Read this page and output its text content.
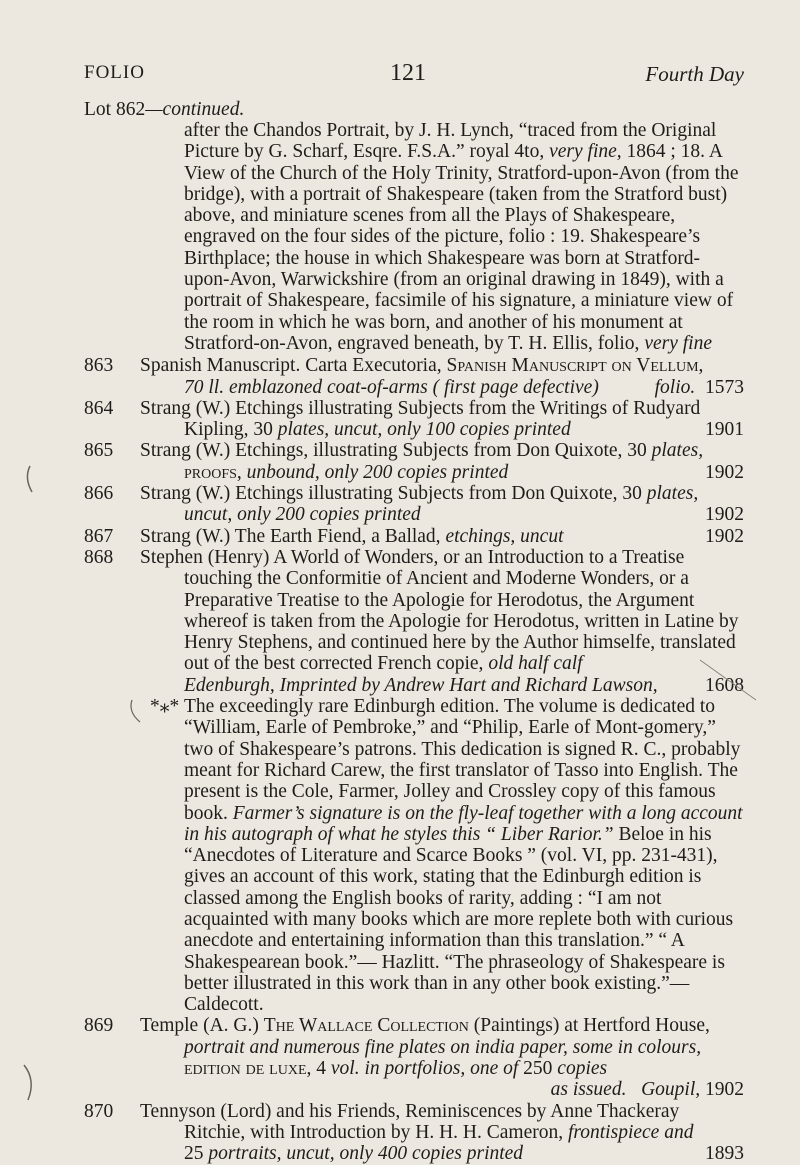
FOLIO	121	Fourth Day
Lot 862—continued.

after the Chandos Portrait, by J. H. Lynch, “traced from the Original Picture by G. Scharf, Esqre. F.S.A.” royal 4to, very fine, 1864 ; 18. A View of the Church of the Holy Trinity, Stratford-upon-Avon (from the bridge), with a portrait of Shakespeare (taken from the Stratford bust) above, and miniature scenes from all the Plays of Shakespeare, engraved on the four sides of the picture, folio : 19. Shakespeare’s Birthplace; the house in which Shakespeare was born at Stratford-upon-Avon, Warwickshire (from an original drawing in 1849), with a portrait of Shakespeare, facsimile of his signature, a miniature view of the room in which he was born, and another of his monument at Stratford-on-Avon, engraved beneath, by T. H. Ellis, folio, very fine

863 Spanish Manuscript. Carta Executoria, Spanish Manuscript on Vellum,

70 ll. emblazoned coat-of-arms ( first page defective)	folio. 1573
864 Strang (W.) Etchings illustrating Subjects from the Writings of Rudyard

Kipling, 30 plates, uncut, only 100 copies printed	1901
865 Strang (W.) Etchings, illustrating Subjects from Don Quixote, 30 plates,

proofs, unbound, only 200 copies printed	1902
866 Strang (W.) Etchings illustrating Subjects from Don Quixote, 30 plates,

uncut, only 200 copies printed	1902
867 Strang (W.) The Earth Fiend, a Ballad, etchings, uncut	1902
868 Stephen (Henry) A World of Wonders, or an Introduction to a Treatise touching the Conformitie of Ancient and Moderne Wonders, or a Preparative Treatise to the Apologie for Herodotus, the Argument whereof is taken from the Apologie for Herodotus, written in Latine by Henry Stephens, and continued here by the Author himselfe, translated out of the best corrected French copie, old half calf

Edenburgh, Imprinted by Andrew Hart and Richard Lawson, 1608

*⁎* The exceedingly rare Edinburgh edition. The volume is dedicated to “William, Earle of Pembroke,” and “Philip, Earle of Mont-gomery,” two of Shakespeare’s patrons. This dedication is signed R. C., probably meant for Richard Carew, the first translator of Tasso into English. The present is the Cole, Farmer, Jolley and Crossley copy of this famous book. Farmer’s signature is on the fly-leaf together with a long account in his autograph of what he styles this “ Liber Rarior.” Beloe in his “Anecdotes of Literature and Scarce Books ” (vol. VI, pp. 231-431), gives an account of this work, stating that the Edinburgh edition is classed among the English books of rarity, adding : “I am not acquainted with many books which are more replete both with curious anecdote and entertaining information than this translation.” “ A Shakespearean book.”— Hazlitt. “The phraseology of Shakespeare is better illustrated in this work than in any other book existing.”—Caldecott.

869 Temple (A. G.) The Wallace Collection (Paintings) at Hertford House, portrait and numerous fine plates on india paper, some in colours, edition de luxe, 4 vol. in portfolios, one of 250 copies

as issued. Goupil, 1902
870 Tennyson (Lord) and his Friends, Reminiscences by Anne Thackeray Ritchie, with Introduction by H. H. H. Cameron, frontispiece and

25 portraits, uncut, only 400 copies printed	1893
